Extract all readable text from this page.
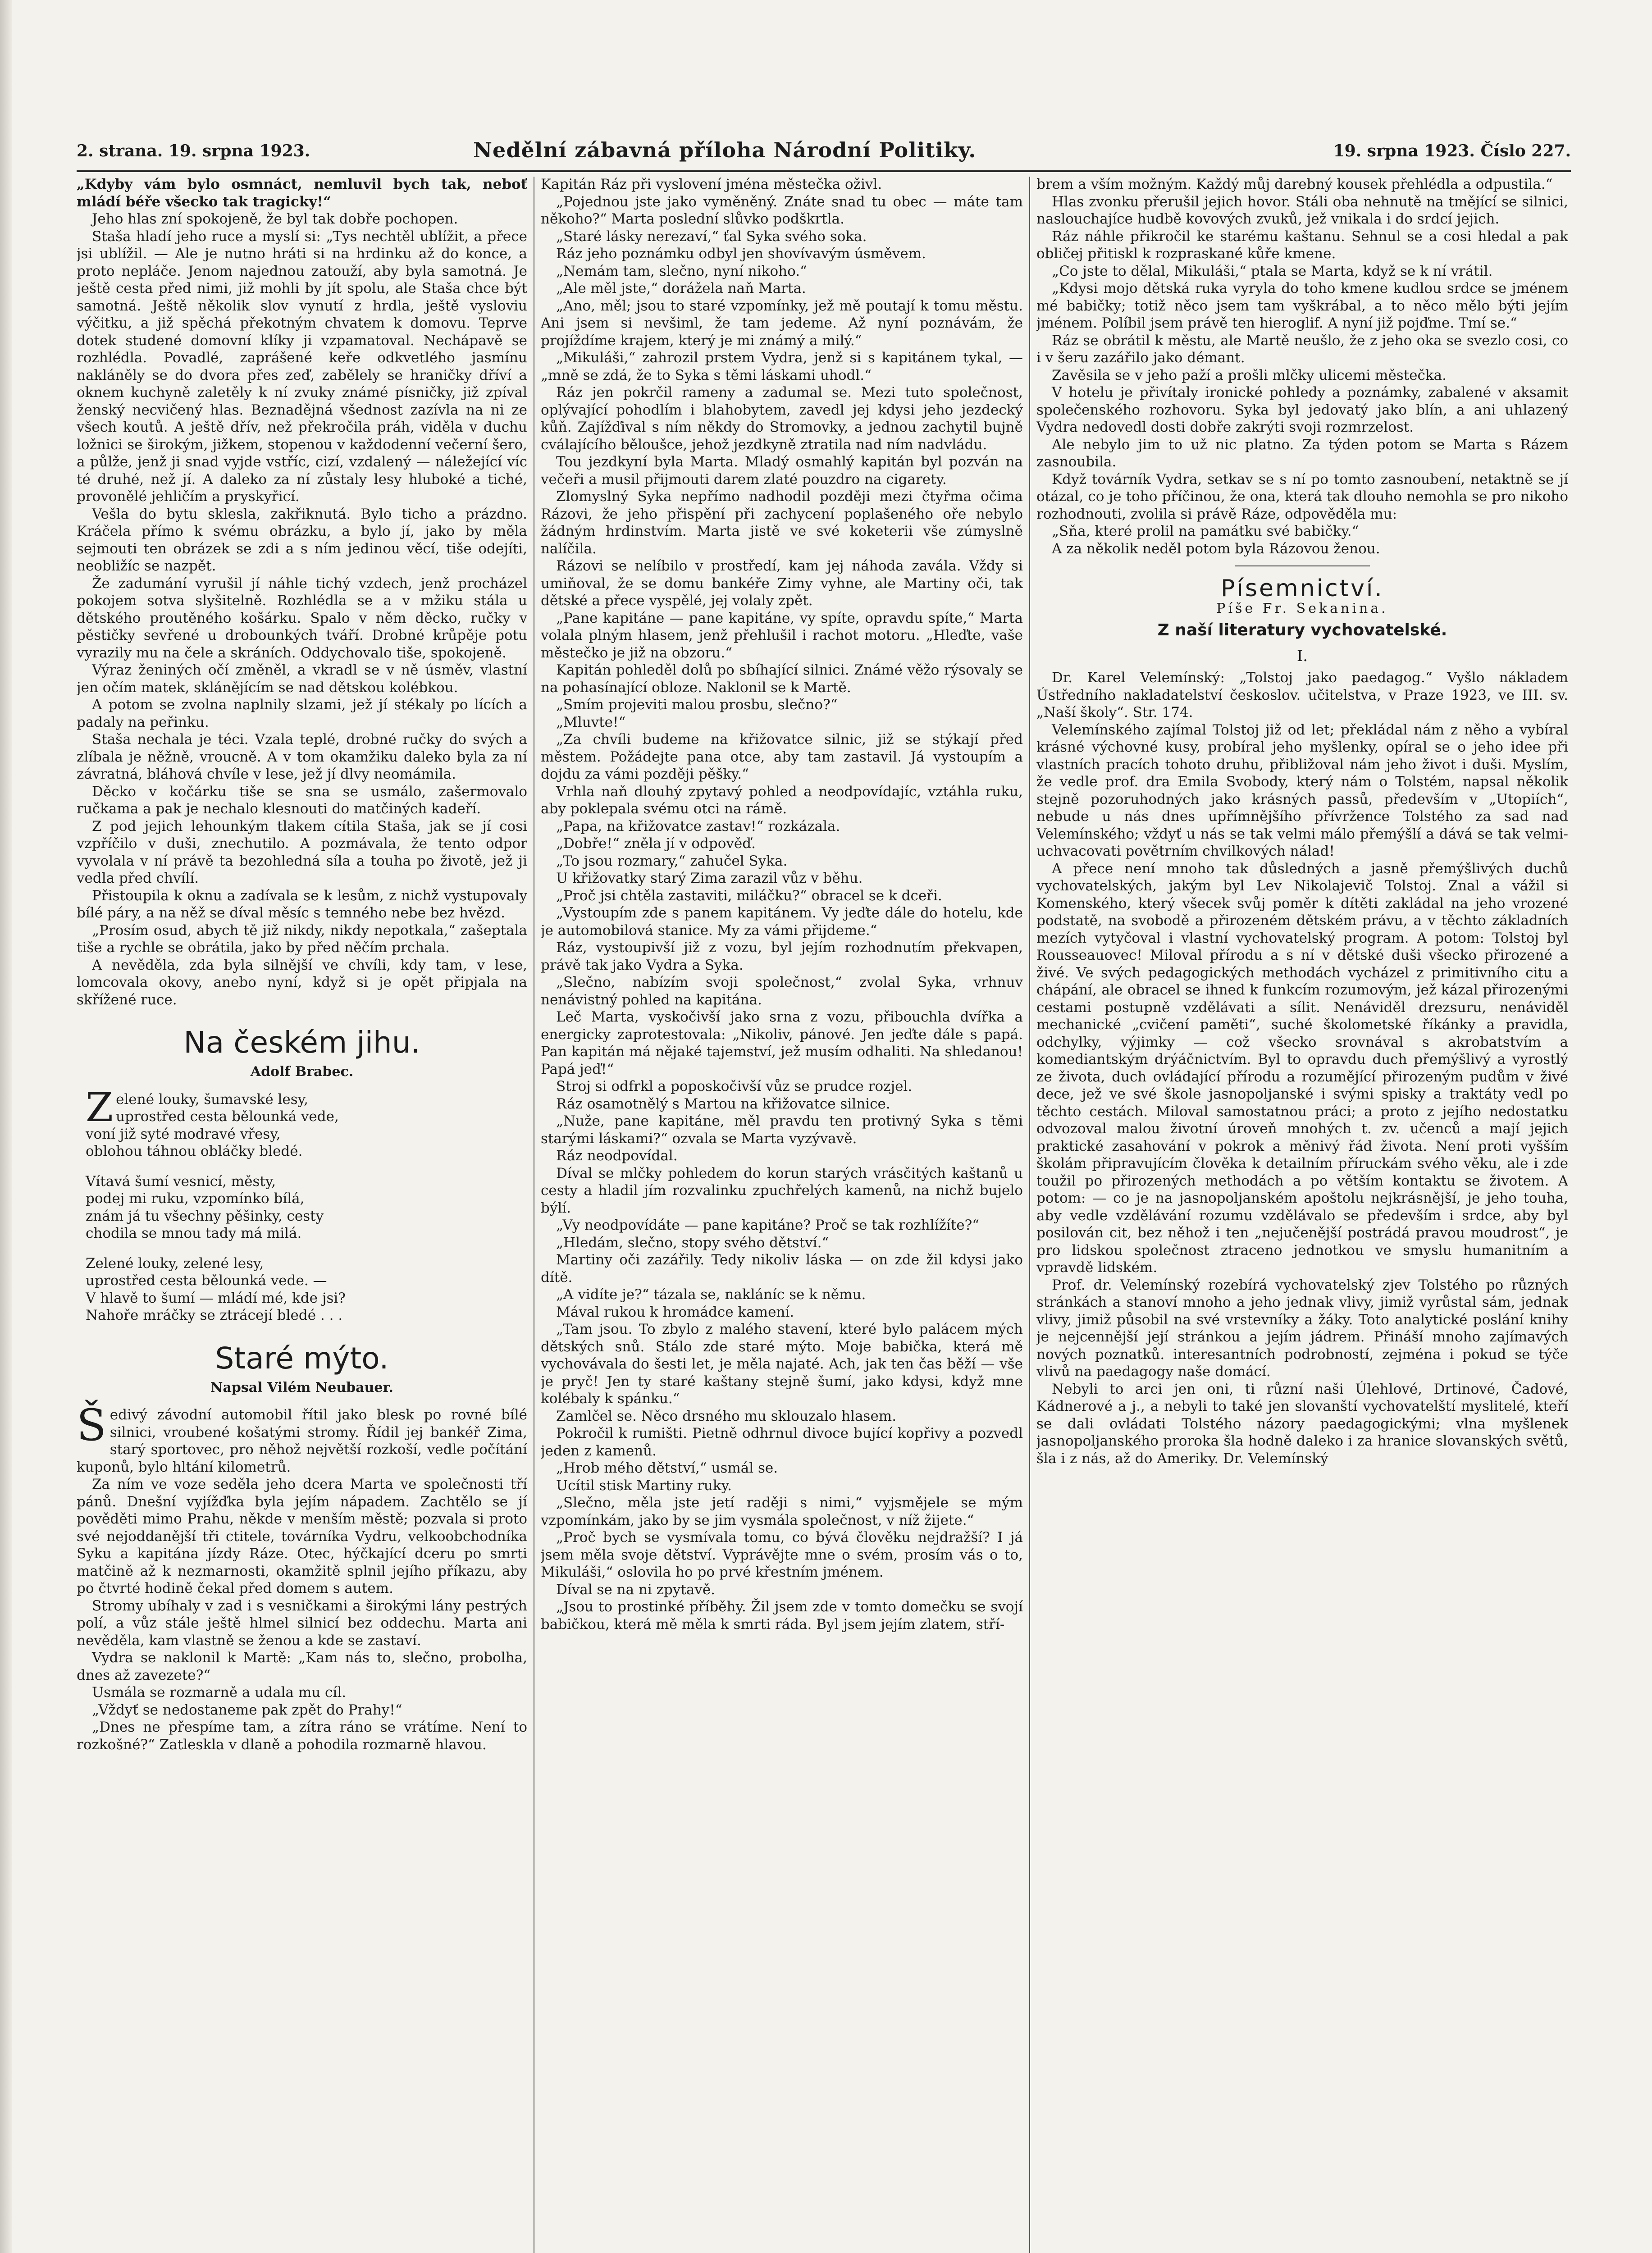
2. strana. 19. srpna 1923.	Nedělní zábavná příloha Národní Politiky.	19. srpna 1923. Číslo 227.

„Kdyby vám bylo osmnáct, nemluvil bych tak, neboť mládí béře všecko tak tragicky!“

Jeho hlas zní spokojeně, že byl tak dobře pochopen.

Staša hladí jeho ruce a myslí si: „Tys nechtěl ublížit, a přece jsi ublížil. — Ale je nutno hráti si na hrdinku až do konce, a proto nepláče. Jenom najednou zatouží, aby byla samotná. Je ještě cesta před nimi, již mohli by jít spolu, ale Staša chce být samotná. Ještě několik slov vynutí z hrdla, ještě vysloviu výčitku, a již spěchá překotným chvatem k domovu. Teprve dotek studené domovní klíky ji vzpamatoval. Nechápavě se rozhlédla. Povadlé, zaprášené keře odkvetlého jasmínu nakláněly se do dvora přes zeď, zabělely se hraničky dříví a oknem kuchyně zaletěly k ní zvuky známé písničky, již zpíval ženský necvičený hlas. Beznadějná všednost zazívla na ni ze všech koutů. A ještě dřív, než překročila práh, viděla v duchu ložnici se širokým, jižkem, stopenou v každodenní večerní šero, a půlže, jenž ji snad vyjde vstříc, cizí, vzdalený — náležející víc té druhé, než jí. A daleko za ní zůstaly lesy hluboké a tiché, provonělé jehličím a pryskyřicí.

Vešla do bytu sklesla, zakřiknutá. Bylo ticho a prázdno. Kráčela přímo k svému obrázku, a bylo jí, jako by měla sejmouti ten obrázek se zdi a s ním jedinou věcí, tiše odejíti, neobližíc se nazpět.

Že zadumání vyrušil jí náhle tichý vzdech, jenž procházel pokojem sotva slyšitelně. Rozhlédla se a v mžiku stála u dětského proutěného košárku. Spalo v něm děcko, ručky v pěstičky sevřené u drobounkých tváří. Drobné krůpěje potu vyrazily mu na čele a skráních. Oddychovalo tiše, spokojeně.

Výraz ženiných očí změněl, a vkradl se v ně úsměv, vlastní jen očím matek, sklánějícím se nad dětskou kolébkou.

A potom se zvolna naplnily slzami, jež jí stékaly po lících a padaly na peřinku.

Staša nechala je téci. Vzala teplé, drobné ručky do svých a zlíbala je něžně, vroucně. A v tom okamžiku daleko byla za ní závratná, bláhová chvíle v lese, jež jí dlvy neomámila.

Děcko v kočárku tiše se sna se usmálo, zašermovalo ručkama a pak je nechalo klesnouti do matčiných kadeří.

Z pod jejich lehounkým tlakem cítila Staša, jak se jí cosi vzpříčilo v duši, znechutilo. A pozmávala, že tento odpor vyvolala v ní právě ta bezohledná síla a touha po životě, jež ji vedla před chvílí.

Přistoupila k oknu a zadívala se k lesům, z nichž vystupovaly bílé páry, a na něž se díval měsíc s temného nebe bez hvězd.

„Prosím osud, abych tě již nikdy, nikdy nepotkala,“ zašeptala tiše a rychle se obrátila, jako by před něčím prchala.

A nevěděla, zda byla silnější ve chvíli, kdy tam, v lese, lomcovala okovy, anebo nyní, když si je opět připjala na skřížené ruce.

Na českém jihu.
Adolf Brabec.
Zelené louky, šumavské lesy,
uprostřed cesta bělounká vede,
voní již syté modravé vřesy,
oblohou táhnou obláčky bledé.
Vítavá šumí vesnicí, městy,
podej mi ruku, vzpomínko bílá,
znám já tu všechny pěšinky, cesty
chodila se mnou tady má milá.
Zelené louky, zelené lesy,
uprostřed cesta bělounká vede. —
V hlavě to šumí — mládí mé, kde jsi?
Nahoře mráčky se ztrácejí bledé . . .
Staré mýto.
Napsal Vilém Neubauer.

Šedivý závodní automobil řítil jako blesk po rovné bílé silnici, vroubené košatými stromy. Řídil jej bankéř Zima, starý sportovec, pro něhož největší rozkoší, vedle počítání kuponů, bylo hltání kilometrů.

Za ním ve voze seděla jeho dcera Marta ve společnosti tří pánů. Dnešní vyjížďka byla jejím nápadem. Zachtělo se jí pověděti mimo Prahu, někde v menším městě; pozvala si proto své nejoddanější tři ctitele, továrníka Vydru, velkoobchodníka Syku a kapitána jízdy Ráze. Otec, hýčkající dceru po smrti matčině až k nezmarnosti, okamžitě splnil jejího příkazu, aby po čtvrté hodině čekal před domem s autem.

Stromy ubíhaly v zad i s vesničkami a širokými lány pestrých polí, a vůz stále ještě hlmel silnicí bez oddechu. Marta ani nevěděla, kam vlastně se ženou a kde se zastaví.

Vydra se naklonil k Martě: „Kam nás to, slečno, probolha, dnes až zavezete?“

Usmála se rozmarně a udala mu cíl.

„Vždyť se nedostaneme pak zpět do Prahy!“

„Dnes ne přespíme tam, a zítra ráno se vrátíme. Není to rozkošné?“ Zatleskla v dlaně a pohodila rozmarně hlavou.

Kapitán Ráz při vyslovení jména městečka oživl.

„Pojednou jste jako vyměněný. Znáte snad tu obec — máte tam někoho?“ Marta poslední slůvko podškrtla.

„Staré lásky nerezaví,“ ťal Syka svého soka.

Ráz jeho poznámku odbyl jen shovívavým úsměvem.

„Nemám tam, slečno, nyní nikoho.“

„Ale měl jste,“ dorážela naň Marta.

„Ano, měl; jsou to staré vzpomínky, jež mě poutají k tomu městu. Ani jsem si nevšiml, že tam jedeme. Až nyní poznávám, že projíždíme krajem, který je mi známý a milý.“

„Mikuláši,“ zahrozil prstem Vydra, jenž si s kapitánem tykal, — „mně se zdá, že to Syka s těmi láskami uhodl.“

Ráz jen pokrčil rameny a zadumal se. Mezi tuto společnost, oplývající pohodlím i blahobytem, zavedl jej kdysi jeho jezdecký kůň. Zajížďival s ním někdy do Stromovky, a jednou zachytil bujně cválajícího běloušce, jehož jezdkyně ztratila nad ním nadvládu.

Tou jezdkyní byla Marta. Mladý osmahlý kapitán byl pozván na večeři a musil přijmouti darem zlaté pouzdro na cigarety.

Zlomyslný Syka nepřímo nadhodil později mezi čtyřma očima Rázovi, že jeho přispění při zachycení poplašeného oře nebylo žádným hrdinstvím. Marta jistě ve své koketerii vše zúmyslně nalíčila.

Rázovi se nelíbilo v prostředí, kam jej náhoda zavála. Vždy si umiňoval, že se domu bankéře Zimy vyhne, ale Martiny oči, tak dětské a přece vyspělé, jej volaly zpět.

„Pane kapitáne — pane kapitáne, vy spíte, opravdu spíte,“ Marta volala plným hlasem, jenž přehlušil i rachot motoru. „Hleďte, vaše městečko je již na obzoru.“

Kapitán pohleděl dolů po sbíhající silnici. Známé věžo rýsovaly se na pohasínající obloze. Naklonil se k Martě.

„Smím projeviti malou prosbu, slečno?“

„Mluvte!“

„Za chvíli budeme na křižovatce silnic, již se stýkají před městem. Požádejte pana otce, aby tam zastavil. Já vystoupím a dojdu za vámi později pěšky.“

Vrhla naň dlouhý zpytavý pohled a neodpovídajíc, vztáhla ruku, aby poklepala svému otci na rámě.

„Papa, na křižovatce zastav!“ rozkázala.

„Dobře!“ zněla jí v odpověď.

„To jsou rozmary,“ zahučel Syka.

U křižovatky starý Zima zarazil vůz v běhu.

„Proč jsi chtěla zastaviti, miláčku?“ obracel se k dceři.

„Vystoupím zde s panem kapitánem. Vy jeďte dále do hotelu, kde je automobilová stanice. My za vámi přijdeme.“

Ráz, vystoupivší již z vozu, byl jejím rozhodnutím překvapen, právě tak jako Vydra a Syka.

„Slečno, nabízím svoji společnost,“ zvolal Syka, vrhnuv nenávistný pohled na kapitána.

Leč Marta, vyskočivší jako srna z vozu, přibouchla dvířka a energicky zaprotestovala: „Nikoliv, pánové. Jen jeďte dále s papá. Pan kapitán má nějaké tajemství, jež musím odhaliti. Na shledanou! Papá jeď!“

Stroj si odfrkl a poposkočivší vůz se prudce rozjel.

Ráz osamotnělý s Martou na křižovatce silnice.

„Nuže, pane kapitáne, měl pravdu ten protivný Syka s těmi starými láskami?“ ozvala se Marta vyzývavě.

Ráz neodpovídal.

Díval se mlčky pohledem do korun starých vrásčitých kaštanů u cesty a hladil jím rozvalinku zpuchřelých kamenů, na nichž bujelo býlí.

„Vy neodpovídáte — pane kapitáne? Proč se tak rozhlížíte?“

„Hledám, slečno, stopy svého dětství.“

Martiny oči zazářily. Tedy nikoliv láska — on zde žil kdysi jako dítě.

„A vidíte je?“ tázala se, nakláníc se k němu.

Mával rukou k hromádce kamení.

„Tam jsou. To zbylo z malého stavení, které bylo palácem mých dětských snů. Stálo zde staré mýto. Moje babička, která mě vychovávala do šesti let, je měla najaté. Ach, jak ten čas běží — vše je pryč! Jen ty staré kaštany stejně šumí, jako kdysi, když mne kolébaly k spánku.“

Zamlčel se. Něco drsného mu sklouzalo hlasem.

Pokročil k rumišti. Pietně odhrnul divoce bující kopřivy a pozvedl jeden z kamenů.

„Hrob mého dětství,“ usmál se.

Ucítil stisk Martiny ruky.

„Slečno, měla jste jetí raději s nimi,“ vyjsmějele se mým vzpomínkám, jako by se jim vysmála společnost, v níž žijete.“

„Proč bych se vysmívala tomu, co bývá člověku nejdražší? I já jsem měla svoje dětství. Vyprávějte mne o svém, prosím vás o to, Mikuláši,“ oslovila ho po prvé křestním jménem.

Díval se na ni zpytavě.

„Jsou to prostinké příběhy. Žil jsem zde v tomto domečku se svojí babičkou, která mě měla k smrti ráda. Byl jsem jejím zlatem, stří-

brem a vším možným. Každý můj darebný kousek přehlédla a odpustila.“

Hlas zvonku přerušil jejich hovor. Stáli oba nehnutě na tmějící se silnici, naslouchajíce hudbě kovových zvuků, jež vnikala i do srdcí jejich.

Ráz náhle přikročil ke starému kaštanu. Sehnul se a cosi hledal a pak obličej přitiskl k rozpraskané kůře kmene.

„Co jste to dělal, Mikuláši,“ ptala se Marta, když se k ní vrátil.

„Kdysi mojo dětská ruka vyryla do toho kmene kudlou srdce se jménem mé babičky; totiž něco jsem tam vyškrábal, a to něco mělo býti jejím jménem. Políbil jsem právě ten hieroglif. A nyní již pojďme. Tmí se.“

Ráz se obrátil k městu, ale Martě neušlo, že z jeho oka se svezlo cosi, co i v šeru zazářilo jako démant.

Zavěsila se v jeho paží a prošli mlčky ulicemi městečka.

V hotelu je přivítaly ironické pohledy a poznámky, zabalené v aksamit společenského rozhovoru. Syka byl jedovatý jako blín, a ani uhlazený Vydra nedovedl dosti dobře zakrýti svoji rozmrzelost.

Ale nebylo jim to už nic platno. Za týden potom se Marta s Rázem zasnoubila.

Když továrník Vydra, setkav se s ní po tomto zasnoubení, netaktně se jí otázal, co je toho příčinou, že ona, která tak dlouho nemohla se pro nikoho rozhodnouti, zvolila si právě Ráze, odpověděla mu:

„Sňa, které prolil na památku své babičky.“

A za několik neděl potom byla Rázovou ženou.

Písemnictví.
Píše Fr. Sekanina.
Z naší literatury vychovatelské.
I.

Dr. Karel Velemínský: „Tolstoj jako paedagog.“ Vyšlo nákladem Ústředního nakladatelství českoslov. učitelstva, v Praze 1923, ve III. sv. „Naší školy“. Str. 174.

Velemínského zajímal Tolstoj již od let; překládal nám z něho a vybíral krásné výchovné kusy, probíral jeho myšlenky, opíral se o jeho idee při vlastních pracích tohoto druhu, přibližoval nám jeho život i duši. Myslím, že vedle prof. dra Emila Svobody, který nám o Tolstém, napsal několik stejně pozoruhodných jako krásných passů, především v „Utopiích“, nebude u nás dnes upřímnějšího přívržence Tolstého za sad nad Velemínského; vždyť u nás se tak velmi málo přemýšlí a dává se tak velmi-uchvacovati povětrním chvilkových nálad!

A přece není mnoho tak důsledných a jasně přemýšlivých duchů vychovatelských, jakým byl Lev Nikolajevič Tolstoj. Znal a vážil si Komenského, který všecek svůj poměr k dítěti zakládal na jeho vrozené podstatě, na svobodě a přirozeném dětském právu, a v těchto základních mezích vytyčoval i vlastní vychovatelský program. A potom: Tolstoj byl Rousseauovec! Miloval přírodu a s ní v dětské duši všecko přirozené a živé. Ve svých pedagogických methodách vycházel z primitivního citu a chápání, ale obracel se ihned k funkcím rozumovým, jež kázal přirozenými cestami postupně vzdělávati a sílit. Nenáviděl drezsuru, nenáviděl mechanické „cvičení paměti“, suché školometské říkánky a pravidla, odchylky, výjimky — což všecko srovnával s akrobatstvím a komediantským drýáčnictvím. Byl to opravdu duch přemýšlivý a vyrostlý ze života, duch ovládající přírodu a rozumějící přirozeným pudům v živé dece, jež ve své škole jasnopoljanské i svými spisky a traktáty vedl po těchto cestách. Miloval samostatnou práci; a proto z jejího nedostatku odvozoval malou životní úroveň mnohých t. zv. učenců a mají jejich praktické zasahování v pokrok a měnivý řád života. Není proti vyšším školám připravujícím člověka k detailním příruckám svého věku, ale i zde toužil po přirozených methodách a po větším kontaktu se životem. A potom: — co je na jasnopoljanském apoštolu nejkrásnější, je jeho touha, aby vedle vzdělávání rozumu vzdělávalo se především i srdce, aby byl posilován cit, bez něhož i ten „nejučenější postrádá pravou moudrost“, je pro lidskou společnost ztraceno jednotkou ve smyslu humanitním a vpravdě lidském.

Prof. dr. Velemínský rozebírá vychovatelský zjev Tolstého po různých stránkách a stanoví mnoho a jeho jednak vlivy, jimiž vyrůstal sám, jednak vlivy, jimiž působil na své vrstevníky a žáky. Toto analytické poslání knihy je nejcennější její stránkou a jejím jádrem. Přináší mnoho zajímavých nových poznatků. interesantních podrobností, zejména i pokud se týče vlivů na paedagogy naše domácí.

Nebyli to arci jen oni, ti různí naši Úlehlové, Drtinové, Čadové, Kádnerové a j., a nebyli to také jen slovanští vychovatelští myslitelé, kteří se dali ovládati Tolstého názory paedagogickými; vlna myšlenek jasnopoljanského proroka šla hodně daleko i za hranice slovanských světů, šla i z nás, až do Ameriky. Dr. Velemínský
